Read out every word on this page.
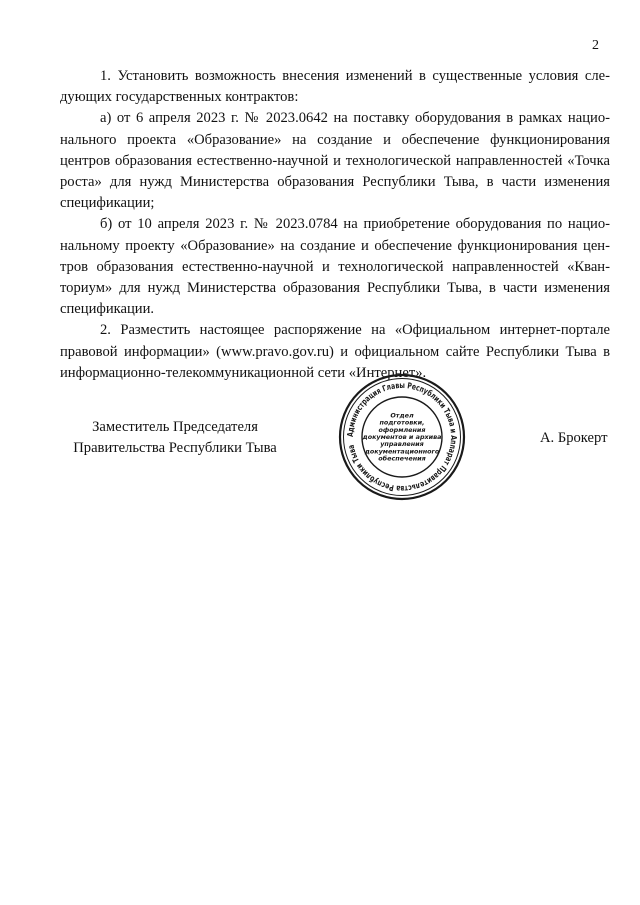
2

1. Установить возможность внесения изменений в существенные условия следующих государственных контрактов:

а) от 6 апреля 2023 г. № 2023.0642 на поставку оборудования в рамках национального проекта «Образование» на создание и обеспечение функционирования центров образования естественно-научной и технологической направленностей «Точка роста» для нужд Министерства образования Республики Тыва, в части изменения спецификации;

б) от 10 апреля 2023 г. № 2023.0784 на приобретение оборудования по национальному проекту «Образование» на создание и обеспечение функционирования центров образования естественно-научной и технологической направленностей «Кванториум» для нужд Министерства образования Республики Тыва, в части изменения спецификации.

2. Разместить настоящее распоряжение на «Официальном интернет-портале правовой информации» (www.pravo.gov.ru) и официальном сайте Республики Тыва в информационно-телекоммуникационной сети «Интернет».

Заместитель Председателя
Правительства Республики Тыва
Администрация Главы Республики Тыва и Аппарат Правительства Республики Тыва
Отдел
подготовки,
оформления
документов и архива
управления
документационного
обеспечения
А. Брокерт
